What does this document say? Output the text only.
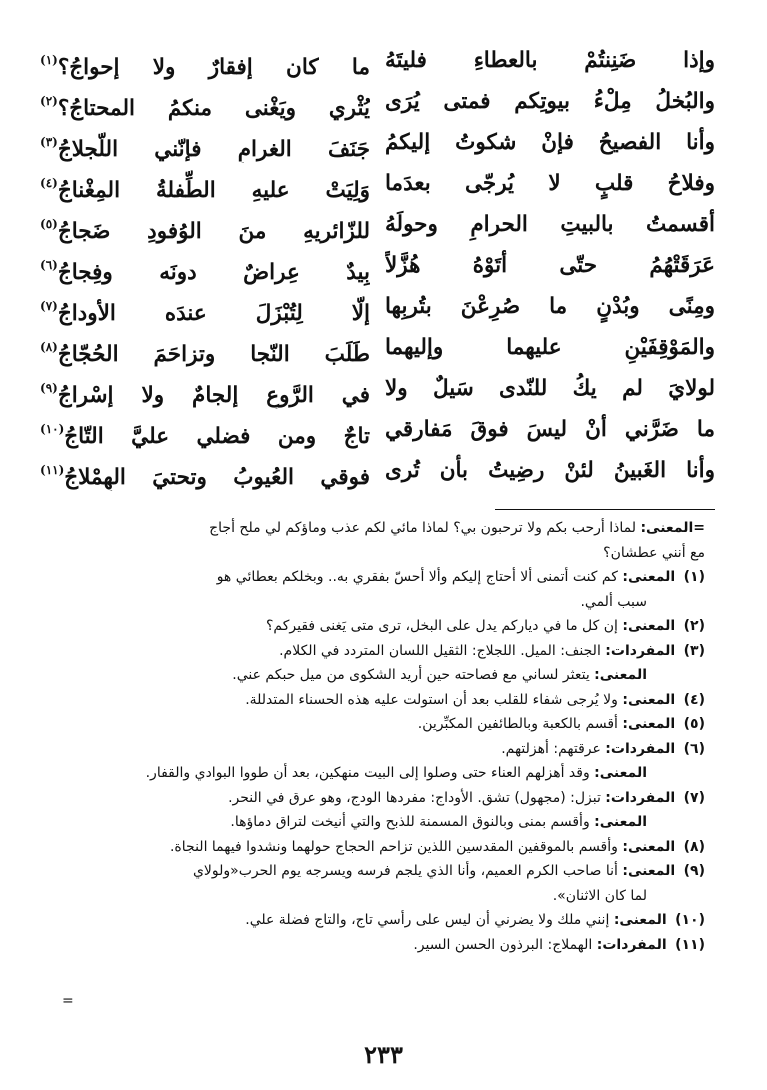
وإذا ضَنِنتُمْ بالعطاءِ فليتَهُ
ما كان إفقارٌ ولا إحواجُ؟$^{(١)}$
والبُخلُ مِلْءُ بيوتِكم فمتى يُرَى
يُثْري ويَغْنى منكمُ المحتاجُ؟$^{(٢)}$
وأنا الفصيحُ فإنْ شكوتُ إليكمُ
جَنَفَ الغرامِ فإنّني اللّجلاجُ$^{(٣)}$
وفلاحُ قلبٍ لا يُرجّى بعدَما
وَلِيَتْ عليهِ الطِّفلةُ المِغْناجُ$^{(٤)}$
أقسمتُ بالبيتِ الحرامِ وحولَهُ
للزّائريهِ منَ الوُفودِ ضَجاجُ$^{(٥)}$
عَرَقَتْهُمُ حتّى أتَوْهُ هُزَّلاً
بِيدٌ عِراضٌ دونَه وفِجاجُ$^{(٦)}$
ومِنًى وبُدْنٍ ما صُرِعْنَ بتُربِها
إلّا لِتُبْزَلَ عندَه الأوداجُ$^{(٧)}$
والمَوْقِفَيْنِ عليهما وإليهما
طَلَبَ النّجا وتزاحَمَ الحُجّاجُ$^{(٨)}$
لولايَ لم يكُ للنّدى سَيلٌ ولا
في الرَّوعِ إلجامٌ ولا إسْراجُ$^{(٩)}$
ما ضَرَّني أنْ ليسَ فوقَ مَفارقي
تاجٌ ومن فضلي عليَّ التّاجُ$^{(١٠)}$
وأنا الغَبينُ لئنْ رضِيتُ بأن تُرى
فوقي العُيوبُ وتحتيَ الهِمْلاجُ$^{(١١)}$
=المعنى: لماذا أرحب بكم ولا ترحبون بي؟ لماذا مائي لكم عذب وماؤكم لي ملح أجاج
مع أنني عطشان؟
(١) المعنى: كم كنت أتمنى ألا أحتاج إليكم وألا أحسّ بفقري به.. وبخلكم بعطائي هو
سبب ألمي.
(٢) المعنى: إن كل ما في دياركم يدل على البخل، ترى متى يَغنى فقيركم؟
(٣) المفردات: الجنف: الميل. اللجلاج: الثقيل اللسان المتردد في الكلام.
المعنى: يتعثر لساني مع فصاحته حين أريد الشكوى من ميل حبكم عني.
(٤) المعنى: ولا يُرجى شفاء للقلب بعد أن استولت عليه هذه الحسناء المتدللة.
(٥) المعنى: أقسم بالكعبة وبالطائفين المكبِّرين.
(٦) المفردات: عرقتهم: أهزلتهم.
المعنى: وقد أهزلهم العناء حتى وصلوا إلى البيت منهكين، بعد أن طووا البوادي والقفار.
(٧) المفردات: تبزل: (مجهول) تشق. الأوداج: مفردها الودج، وهو عرق في النحر.
المعنى: وأقسم بمنى وبالنوق المسمنة للذبح والتي أنيخت لتراق دماؤها.
(٨) المعنى: وأقسم بالموقفين المقدسين اللذين تزاحم الحجاج حولهما ونشدوا فيهما النجاة.
(٩) المعنى: أنا صاحب الكرم العميم، وأنا الذي يلجم فرسه ويسرجه يوم الحرب«ولولاي
لما كان الاثنان».
(١٠) المعنى: إنني ملك ولا يضرني أن ليس على رأسي تاج، والتاج فضلة علي.
(١١) المفردات: الهملاج: البرذون الحسن السير.
=
٢٣٣
